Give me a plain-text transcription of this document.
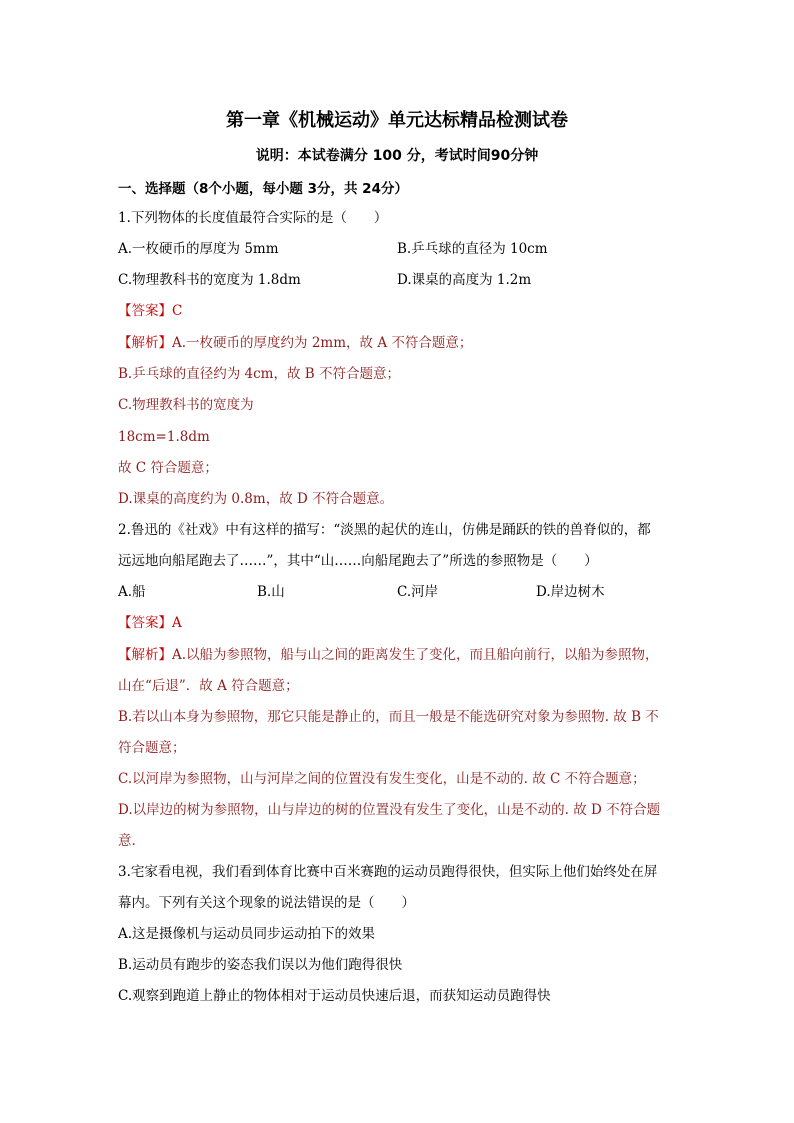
第一章《机械运动》单元达标精品检测试卷
说明：本试卷满分 100 分，考试时间90分钟
一、选择题（8个小题，每小题 3分，共 24分）
1.下列物体的长度值最符合实际的是（　　）
A.一枚硬币的厚度为 5mm	B.乒乓球的直径为 10cm
C.物理教科书的宽度为 1.8dm	D.课桌的高度为 1.2m
【答案】C
【解析】A.一枚硬币的厚度约为 2mm，故 A 不符合题意；
B.乒乓球的直径约为 4cm，故 B 不符合题意；
C.物理教科书的宽度为
18cm=1.8dm
故 C 符合题意；
D.课桌的高度约为 0.8m，故 D 不符合题意。
2.鲁迅的《社戏》中有这样的描写：“淡黑的起伏的连山，仿佛是踊跃的铁的兽脊似的，都
远远地向船尾跑去了……”，其中“山……向船尾跑去了”所选的参照物是（　　）
A.船	B.山	C.河岸	D.岸边树木
【答案】A
【解析】A.以船为参照物，船与山之间的距离发生了变化，而且船向前行，以船为参照物，
山在“后退”．故 A 符合题意；
B.若以山本身为参照物，那它只能是静止的，而且一般是不能选研究对象为参照物. 故 B 不
符合题意；
C.以河岸为参照物，山与河岸之间的位置没有发生变化，山是不动的. 故 C 不符合题意；
D.以岸边的树为参照物，山与岸边的树的位置没有发生了变化，山是不动的. 故 D 不符合题
意.
3.宅家看电视，我们看到体育比赛中百米赛跑的运动员跑得很快，但实际上他们始终处在屏
幕内。下列有关这个现象的说法错误的是（　　）
A.这是摄像机与运动员同步运动拍下的效果
B.运动员有跑步的姿态我们误以为他们跑得很快
C.观察到跑道上静止的物体相对于运动员快速后退，而获知运动员跑得快
